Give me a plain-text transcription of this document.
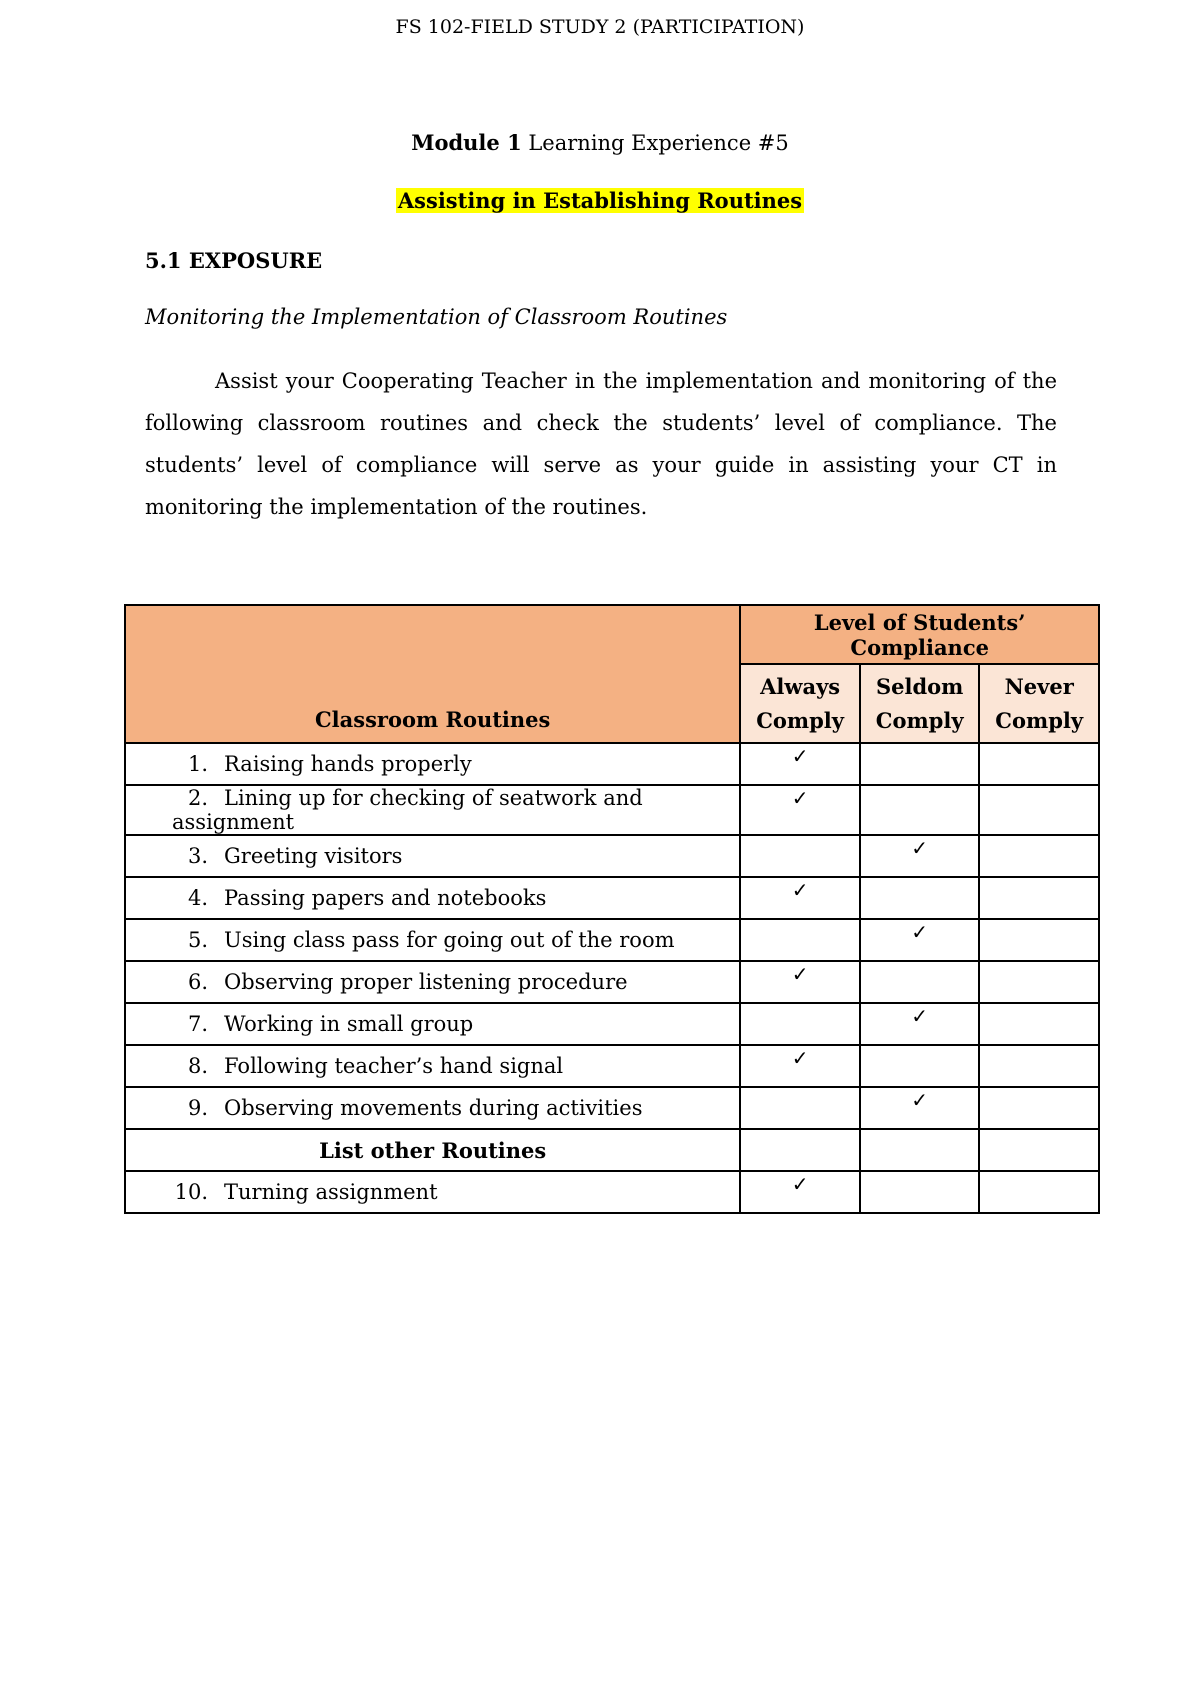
FS 102-FIELD STUDY 2 (PARTICIPATION)
Module 1 Learning Experience #5
Assisting in Establishing Routines
5.1 EXPOSURE
Monitoring the Implementation of Classroom Routines
Assist your Cooperating Teacher in the implementation and monitoring of the following classroom routines and check the students’ level of compliance. The students’ level of compliance will serve as your guide in assisting your CT in monitoring the implementation of the routines.
Classroom Routines	Level of Students’ Compliance		
	Always Comply	Seldom Comply	Never Comply
1. Raising hands properly	✓		
2. Lining up for checking of seatwork and assignment	✓		
3. Greeting visitors		✓	
4. Passing papers and notebooks	✓		
5. Using class pass for going out of the room		✓	
6. Observing proper listening procedure	✓		
7. Working in small group		✓	
8. Following teacher’s hand signal	✓		
9. Observing movements during activities		✓	
List other Routines			
10. Turning assignment	✓		
